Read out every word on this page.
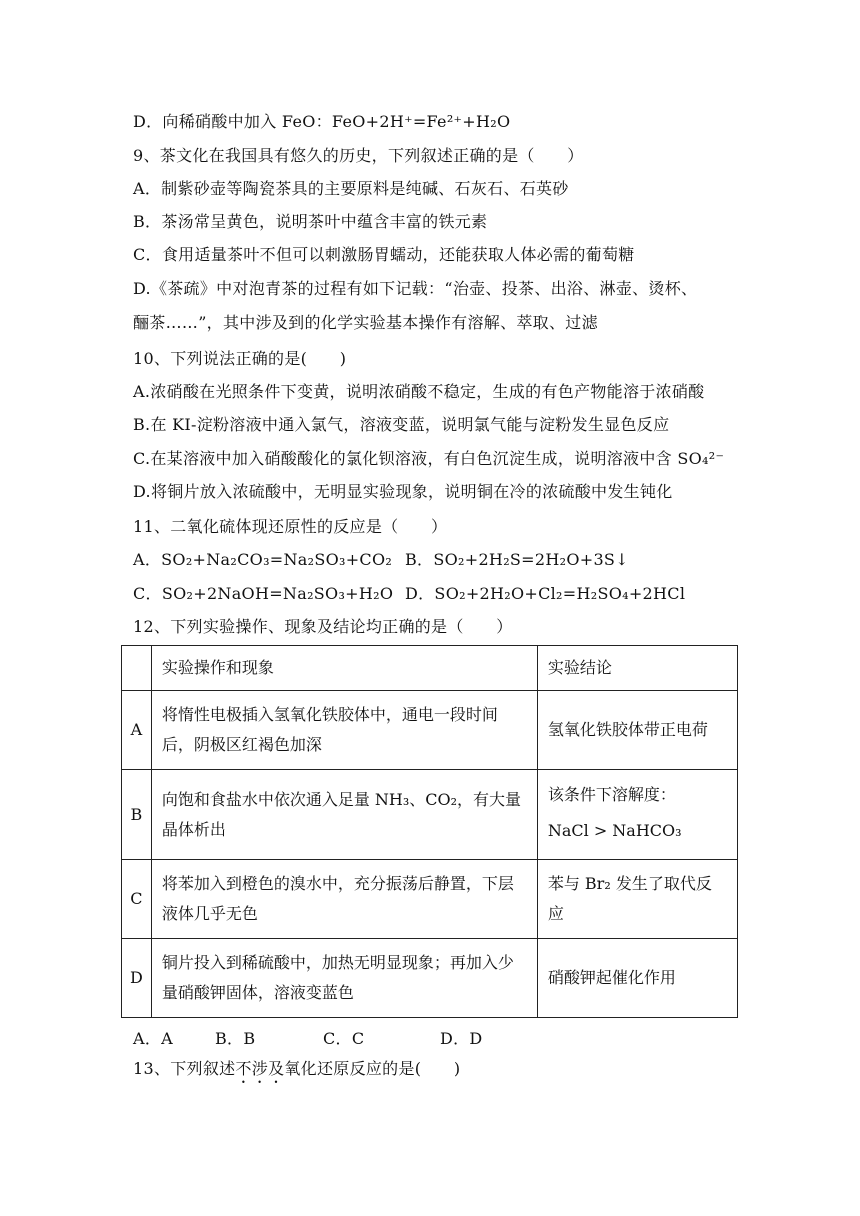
D．向稀硝酸中加入 FeO：FeO+2H⁺=Fe²⁺+H₂O
9、茶文化在我国具有悠久的历史，下列叙述正确的是（　　）
A．制紫砂壶等陶瓷茶具的主要原料是纯碱、石灰石、石英砂
B．茶汤常呈黄色，说明茶叶中蕴含丰富的铁元素
C．食用适量茶叶不但可以刺激肠胃蠕动，还能获取人体必需的葡萄糖
D.《茶疏》中对泡青茶的过程有如下记载：“治壶、投茶、出浴、淋壶、烫杯、
酾茶……”，其中涉及到的化学实验基本操作有溶解、萃取、过滤
10、下列说法正确的是(　　)
A.浓硝酸在光照条件下变黄，说明浓硝酸不稳定，生成的有色产物能溶于浓硝酸
B.在 KI-淀粉溶液中通入氯气，溶液变蓝，说明氯气能与淀粉发生显色反应
C.在某溶液中加入硝酸酸化的氯化钡溶液，有白色沉淀生成，说明溶液中含 SO₄²⁻
D.将铜片放入浓硫酸中，无明显实验现象，说明铜在冷的浓硫酸中发生钝化
11、二氧化硫体现还原性的反应是（　　）
A．SO₂+Na₂CO₃=Na₂SO₃+CO₂ B．SO₂+2H₂S=2H₂O+3S↓
C．SO₂+2NaOH=Na₂SO₃+H₂O D．SO₂+2H₂O+Cl₂=H₂SO₄+2HCl
12、下列实验操作、现象及结论均正确的是（　　）
	实验操作和现象	实验结论
A	将惰性电极插入氢氧化铁胶体中，通电一段时间后，阴极区红褐色加深	氢氧化铁胶体带正电荷
B	向饱和食盐水中依次通入足量 NH₃、CO₂，有大量晶体析出	该条件下溶解度：
NaCl > NaHCO₃

C	将苯加入到橙色的溴水中，充分振荡后静置，下层液体几乎无色	苯与 Br₂ 发生了取代反应
D	铜片投入到稀硫酸中，加热无明显现象；再加入少量硝酸钾固体，溶液变蓝色	硝酸钾起催化作用
A．A	B．B	C．C	D．D
13、下列叙述不涉及氧化还原反应的是(　　)
